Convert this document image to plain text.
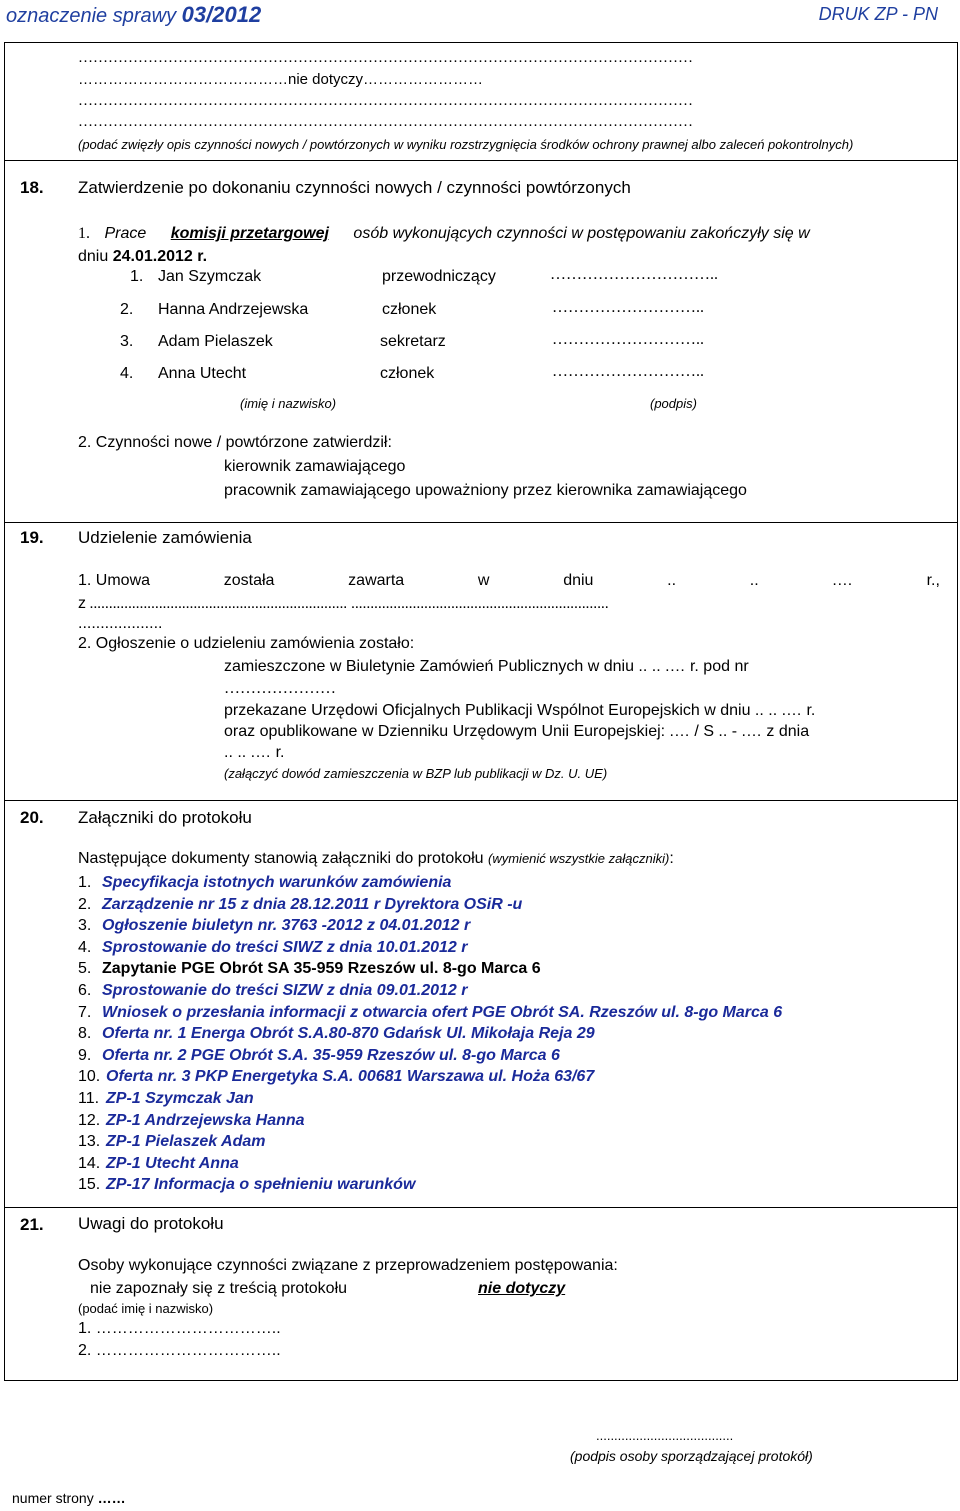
oznaczenie sprawy 03/2012	DRUK ZP - PN
……………………………………………………………………………………………………………
……………………………………nie dotyczy……………………
……………………………………………………………………………………………………………
……………………………………………………………………………………………………………
(podać zwięzły opis czynności nowych / powtórzonych w wyniku rozstrzygnięcia środków ochrony prawnej albo zaleceń pokontrolnych)
18. Zatwierdzenie po dokonaniu czynności nowych / czynności powtórzonych
1. Prace komisji przetargowej osób wykonujących czynności w postępowaniu zakończyły się w
dniu 24.01.2012 r.
1. Jan Szymczak	przewodniczący	…………………………..
2. Hanna Andrzejewska	członek	………………………..
3. Adam Pielaszek	sekretarz	………………………..
4. Anna Utecht	członek	………………………..
(imię i nazwisko)	(podpis)
2. Czynności nowe / powtórzone zatwierdził:
kierownik zamawiającego
pracownik zamawiającego upoważniony przez kierownika zamawiającego
19. Udzielenie zamówienia
1. Umowa	została	zawarta	w	dniu	..	..	.…	r.,
z ................................................................... ...................................................................
...................
2. Ogłoszenie o udzieleniu zamówienia zostało:
zamieszczone w Biuletynie Zamówień Publicznych w dniu .. .. .… r. pod nr
…………………
przekazane Urzędowi Oficjalnych Publikacji Wspólnot Europejskich w dniu .. .. .… r.
oraz opublikowane w Dzienniku Urzędowym Unii Europejskiej: .… / S .. - .… z dnia
.. .. .… r.
(załączyć dowód zamieszczenia w BZP lub publikacji w Dz. U. UE)
20. Załączniki do protokołu
Następujące dokumenty stanowią załączniki do protokołu (wymienić wszystkie załączniki):
1. Specyfikacja istotnych warunków zamówienia
2. Zarządzenie nr 15 z dnia 28.12.2011 r Dyrektora OSiR -u
3. Ogłoszenie biuletyn nr. 3763 -2012 z 04.01.2012 r
4. Sprostowanie do treści SIWZ z dnia 10.01.2012 r
5. Zapytanie PGE Obrót SA 35-959 Rzeszów ul. 8-go Marca 6
6. Sprostowanie do treści SIZW z dnia 09.01.2012 r
7. Wniosek o przesłania informacji z otwarcia ofert PGE Obrót SA. Rzeszów ul. 8-go Marca 6
8. Oferta nr. 1 Energa Obrót S.A.80-870 Gdańsk Ul. Mikołaja Reja 29
9. Oferta nr. 2 PGE Obrót S.A. 35-959 Rzeszów ul. 8-go Marca 6
10. Oferta nr. 3 PKP Energetyka S.A. 00681 Warszawa ul. Hoża 63/67
11. ZP-1 Szymczak Jan
12. ZP-1 Andrzejewska Hanna
13. ZP-1 Pielaszek Adam
14. ZP-1 Utecht Anna
15. ZP-17 Informacja o spełnieniu warunków
21. Uwagi do protokołu
Osoby wykonujące czynności związane z przeprowadzeniem postępowania:
nie zapoznały się z treścią protokołu	nie dotyczy
(podać imię i nazwisko)
1. ……………………………..
2. ……………………………..
......................................
(podpis osoby sporządzającej protokół)
numer strony ……
